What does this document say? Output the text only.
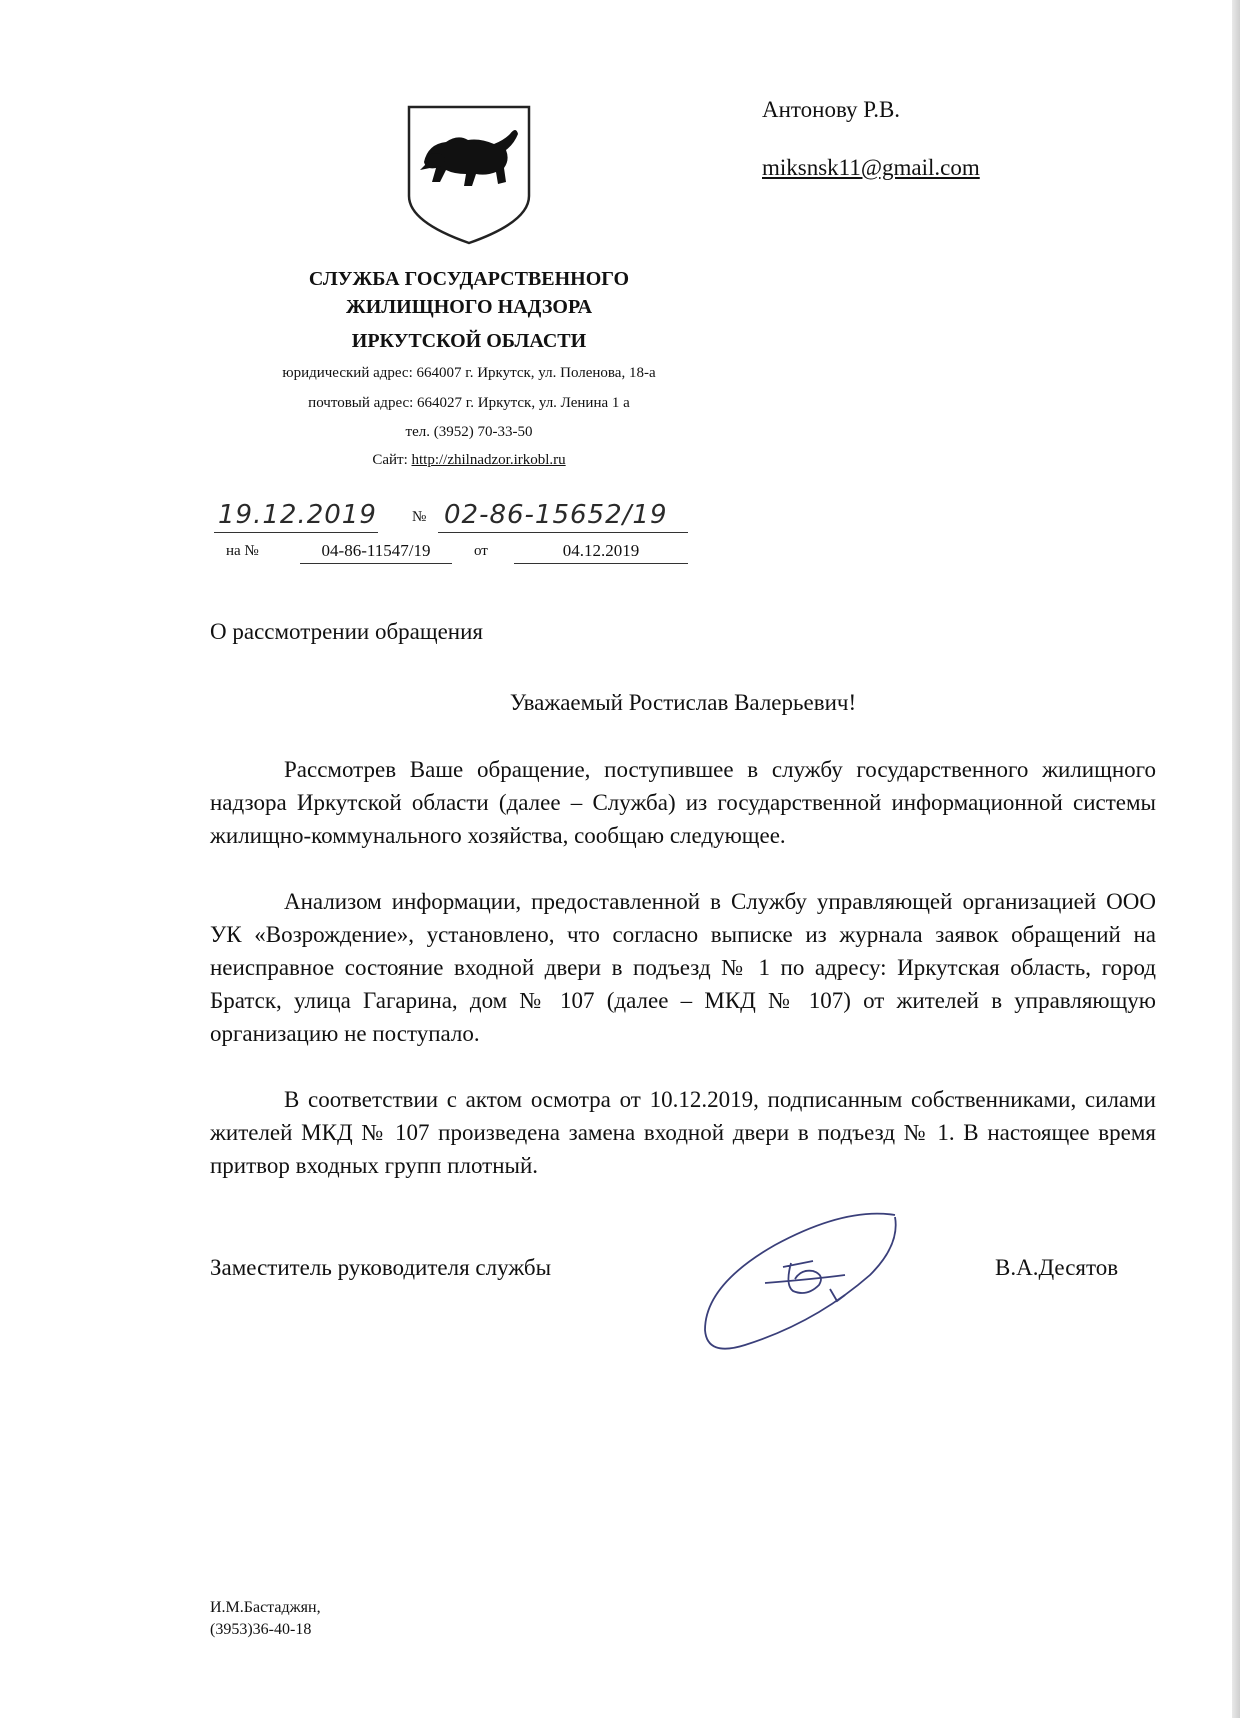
СЛУЖБА ГОСУДАРСТВЕННОГО
ЖИЛИЩНОГО НАДЗОРА
ИРКУТСКОЙ ОБЛАСТИ
юридический адрес: 664007 г. Иркутск, ул. Поленова, 18-а
почтовый адрес: 664027 г. Иркутск, ул. Ленина 1 а
тел. (3952) 70-33-50
Сайт: http://zhilnadzor.irkobl.ru
Антонову Р.В.
miksnsk11@gmail.com
19.12.2019 № 02-86-15652/19
на №	04-86-11547/19	от	04.12.2019
О рассмотрении обращения
Уважаемый Ростислав Валерьевич!

Рассмотрев Ваше обращение, поступившее в службу государственного жилищного надзора Иркутской области (далее – Служба) из государственной информационной системы жилищно-коммунального хозяйства, сообщаю следующее.

Анализом информации, предоставленной в Службу управляющей организацией ООО УК «Возрождение», установлено, что согласно выписке из журнала заявок обращений на неисправное состояние входной двери в подъезд № 1 по адресу: Иркутская область, город Братск, улица Гагарина, дом № 107 (далее – МКД № 107) от жителей в управляющую организацию не поступало.

В соответствии с актом осмотра от 10.12.2019, подписанным собственниками, силами жителей МКД № 107 произведена замена входной двери в подъезд № 1. В настоящее время притвор входных групп плотный.

Заместитель руководителя службы	В.А.Десятов
И.М.Бастаджян,
(3953)36-40-18
